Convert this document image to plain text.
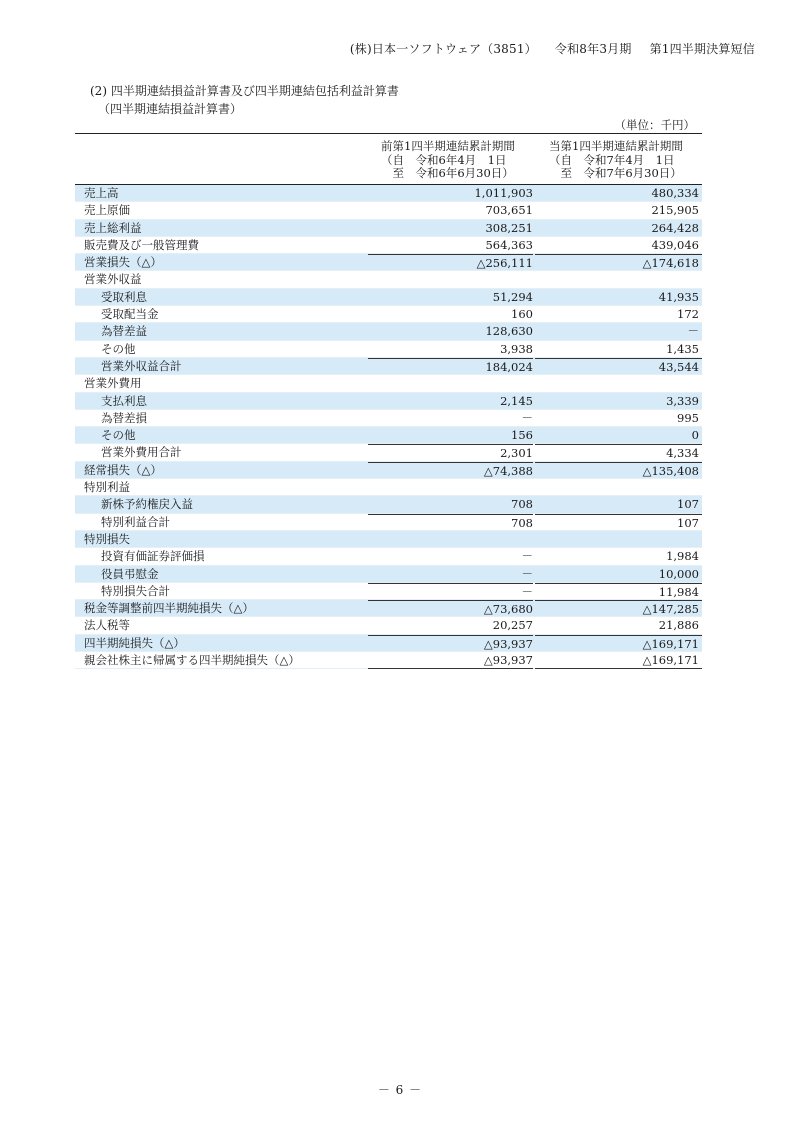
(株)日本一ソフトウェア（3851） 令和8年3月期 第1四半期決算短信
(2) 四半期連結損益計算書及び四半期連結包括利益計算書
（四半期連結損益計算書）
（単位：千円）
前第1四半期連結累計期間
（自　令和6年4月　1日
　至　令和6年6月30日）
当第1四半期連結累計期間
（自　令和7年4月　1日
　至　令和7年6月30日）
売上高	1,011,903	480,334
売上原価	703,651	215,905
売上総利益	308,251	264,428
販売費及び一般管理費	564,363	439,046
営業損失（△）	△256,111	△174,618
営業外収益
受取利息	51,294	41,935
受取配当金	160	172
為替差益	128,630	－
その他	3,938	1,435
営業外収益合計	184,024	43,544
営業外費用
支払利息	2,145	3,339
為替差損	－	995
その他	156	0
営業外費用合計	2,301	4,334
経常損失（△）	△74,388	△135,408
特別利益
新株予約権戻入益	708	107
特別利益合計	708	107
特別損失
投資有価証券評価損	－	1,984
役員弔慰金	－	10,000
特別損失合計	－	11,984
税金等調整前四半期純損失（△）	△73,680	△147,285
法人税等	20,257	21,886
四半期純損失（△）	△93,937	△169,171
親会社株主に帰属する四半期純損失（△）	△93,937	△169,171
－ 6 －
